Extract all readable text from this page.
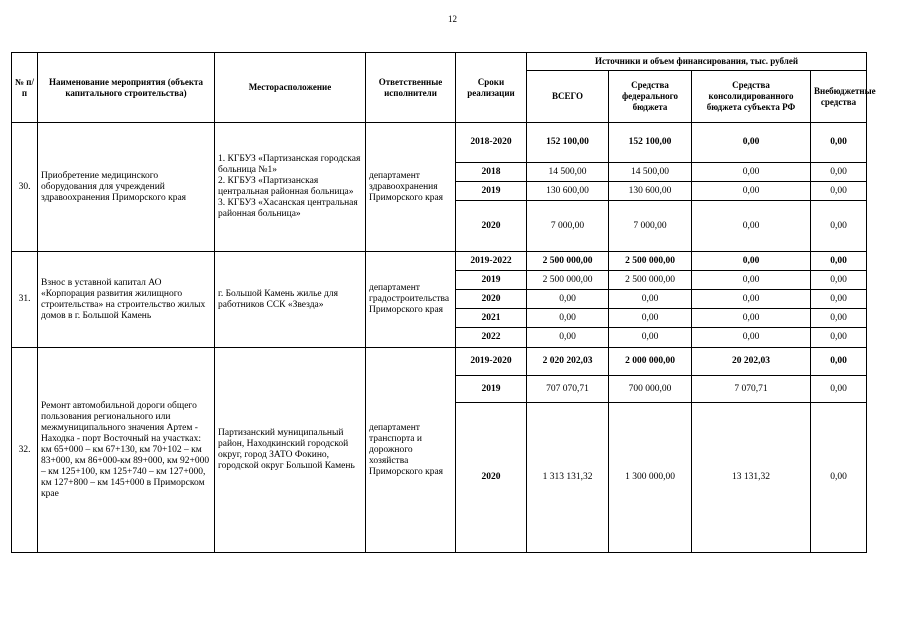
12
№ п/п	Наименование мероприятия (объекта капитального строительства)	Месторасположение	Ответственные исполнители	Сроки реализации	Источники и объем финансирования, тыс. рублей			
					ВСЕГО	Средства федерального бюджета	Средства консолидированного бюджета субъекта РФ	Внебюджетные средства
30.	Приобретение медицинского оборудования для учреждений здравоохранения Приморского края	1. КГБУЗ «Партизанская городская больница №1»
2. КГБУЗ «Партизанская центральная районная больница»
3. КГБУЗ «Хасанская центральная районная больница»	департамент здравоохранения Приморского края	2018-2020	152 100,00	152 100,00	0,00	0,00
				2018	14 500,00	14 500,00	0,00	0,00
				2019	130 600,00	130 600,00	0,00	0,00
				2020	7 000,00	7 000,00	0,00	0,00
31.	Взнос в уставной капитал АО «Корпорация развития жилищного строительства» на строительство жилых домов в г. Большой Камень	г. Большой Камень жилье для работников ССК «Звезда»	департамент градостроительства Приморского края	2019-2022	2 500 000,00	2 500 000,00	0,00	0,00
				2019	2 500 000,00	2 500 000,00	0,00	0,00
				2020	0,00	0,00	0,00	0,00
				2021	0,00	0,00	0,00	0,00
				2022	0,00	0,00	0,00	0,00
32.	Ремонт автомобильной дороги общего пользования регионального или межмуниципального значения Артем - Находка - порт Восточный на участках: км 65+000 – км 67+130, км 70+102 – км 83+000, км 86+000-км 89+000, км 92+000 – км 125+100, км 125+740 – км 127+000, км 127+800 – км 145+000 в Приморском крае	Партизанский муниципальный район, Находкинский городской округ, город ЗАТО Фокино, городской округ Большой Камень	департамент транспорта и дорожного хозяйства Приморского края	2019-2020	2 020 202,03	2 000 000,00	20 202,03	0,00
				2019	707 070,71	700 000,00	7 070,71	0,00
				2020	1 313 131,32	1 300 000,00	13 131,32	0,00
